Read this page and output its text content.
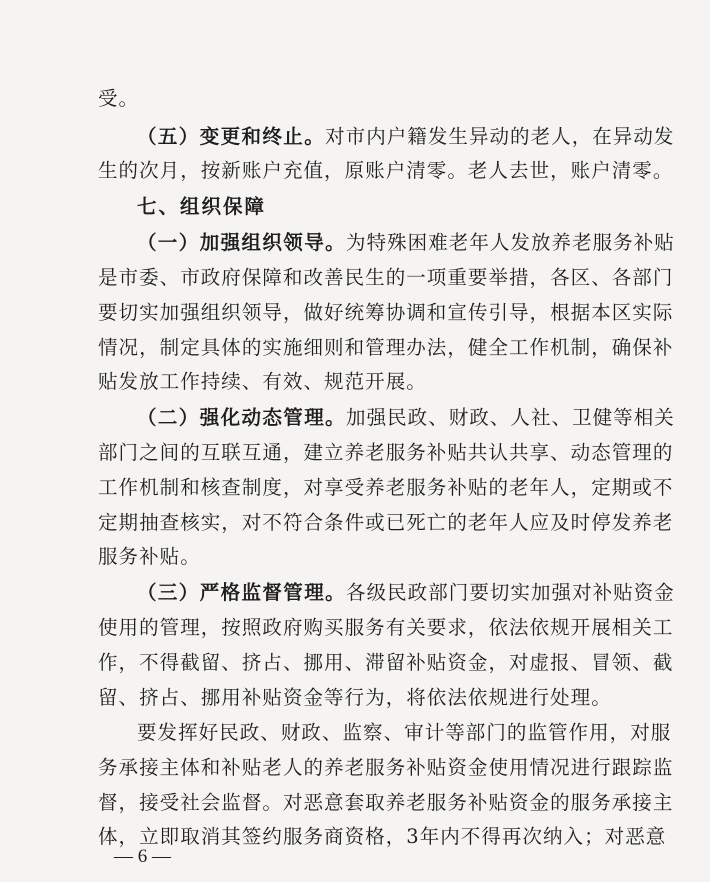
受。
（五）变更和终止。对市内户籍发生异动的老人，在异动发
生的次月，按新账户充值，原账户清零。老人去世，账户清零。
七、组织保障
（一）加强组织领导。为特殊困难老年人发放养老服务补贴
是市委、市政府保障和改善民生的一项重要举措，各区、各部门
要切实加强组织领导，做好统筹协调和宣传引导，根据本区实际
情况，制定具体的实施细则和管理办法，健全工作机制，确保补
贴发放工作持续、有效、规范开展。
（二）强化动态管理。加强民政、财政、人社、卫健等相关
部门之间的互联互通，建立养老服务补贴共认共享、动态管理的
工作机制和核查制度，对享受养老服务补贴的老年人，定期或不
定期抽查核实，对不符合条件或已死亡的老年人应及时停发养老
服务补贴。
（三）严格监督管理。各级民政部门要切实加强对补贴资金
使用的管理，按照政府购买服务有关要求，依法依规开展相关工
作，不得截留、挤占、挪用、滞留补贴资金，对虚报、冒领、截
留、挤占、挪用补贴资金等行为，将依法依规进行处理。
要发挥好民政、财政、监察、审计等部门的监管作用，对服
务承接主体和补贴老人的养老服务补贴资金使用情况进行跟踪监
督，接受社会监督。对恶意套取养老服务补贴资金的服务承接主
体，立即取消其签约服务商资格，3年内不得再次纳入；对恶意
— 6 —
